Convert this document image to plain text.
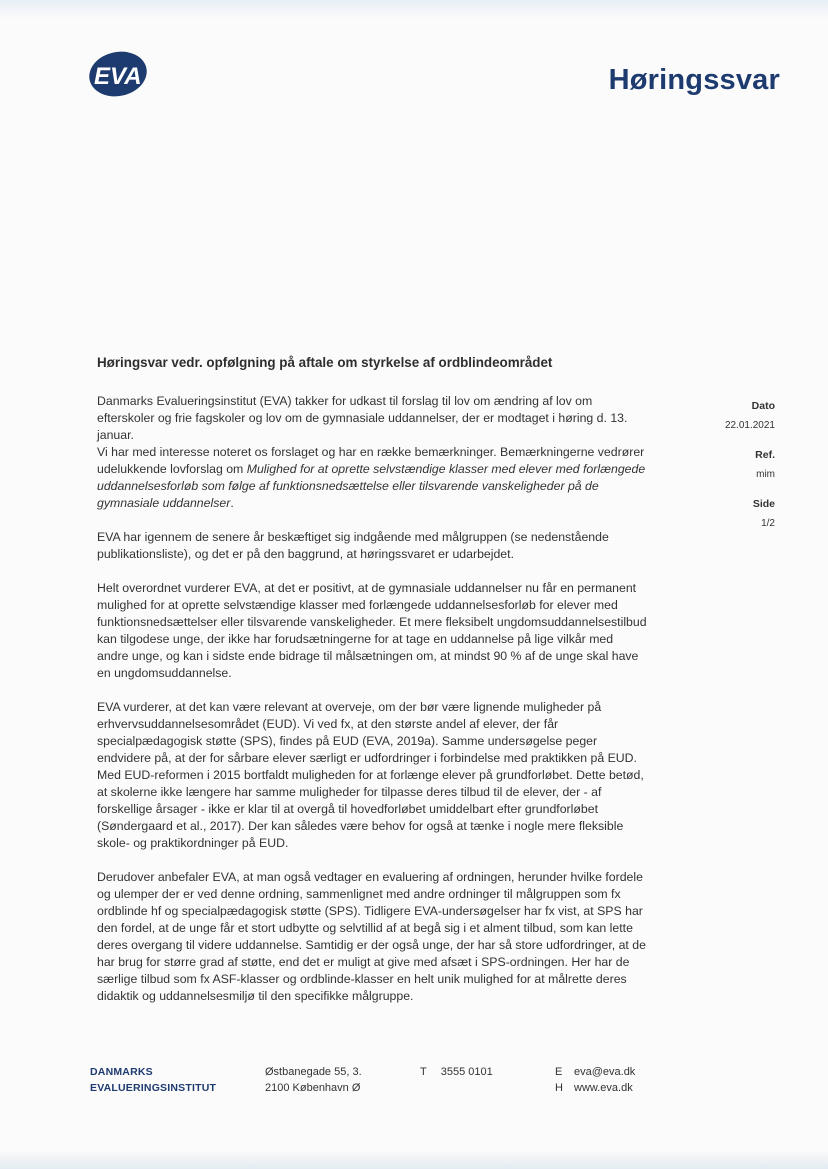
EVA	Høringssvar
Høringsvar vedr. opfølgning på aftale om styrkelse af ordblindeområdet

Danmarks Evalueringsinstitut (EVA) takker for udkast til forslag til lov om ændring af lov om efterskoler og frie fagskoler og lov om de gymnasiale uddannelser, der er modtaget i høring d. 13. januar.
Vi har med interesse noteret os forslaget og har en række bemærkninger. Bemærkningerne vedrører udelukkende lovforslag om Mulighed for at oprette selvstændige klasser med elever med forlængede uddannelsesforløb som følge af funktionsnedsættelse eller tilsvarende vanskeligheder på de gymnasiale uddannelser.

EVA har igennem de senere år beskæftiget sig indgående med målgruppen (se nedenstående publikationsliste), og det er på den baggrund, at høringssvaret er udarbejdet.

Helt overordnet vurderer EVA, at det er positivt, at de gymnasiale uddannelser nu får en permanent mulighed for at oprette selvstændige klasser med forlængede uddannelsesforløb for elever med funktionsnedsættelser eller tilsvarende vanskeligheder. Et mere fleksibelt ungdomsuddannelsestilbud kan tilgodese unge, der ikke har forudsætningerne for at tage en uddannelse på lige vilkår med andre unge, og kan i sidste ende bidrage til målsætningen om, at mindst 90 % af de unge skal have en ungdomsuddannelse.

EVA vurderer, at det kan være relevant at overveje, om der bør være lignende muligheder på erhvervsuddannelsesområdet (EUD). Vi ved fx, at den største andel af elever, der får specialpædagogisk støtte (SPS), findes på EUD (EVA, 2019a). Samme undersøgelse peger endvidere på, at der for sårbare elever særligt er udfordringer i forbindelse med praktikken på EUD. Med EUD-reformen i 2015 bortfaldt muligheden for at forlænge elever på grundforløbet. Dette betød, at skolerne ikke længere har samme muligheder for tilpasse deres tilbud til de elever, der - af forskellige årsager - ikke er klar til at overgå til hovedforløbet umiddelbart efter grundforløbet (Søndergaard et al., 2017). Der kan således være behov for også at tænke i nogle mere fleksible skole- og praktikordninger på EUD.

Derudover anbefaler EVA, at man også vedtager en evaluering af ordningen, herunder hvilke fordele og ulemper der er ved denne ordning, sammenlignet med andre ordninger til målgruppen som fx ordblinde hf og specialpædagogisk støtte (SPS). Tidligere EVA-undersøgelser har fx vist, at SPS har den fordel, at de unge får et stort udbytte og selvtillid af at begå sig i et alment tilbud, som kan lette deres overgang til videre uddannelse. Samtidig er der også unge, der har så store udfordringer, at de har brug for større grad af støtte, end det er muligt at give med afsæt i SPS-ordningen. Her har de særlige tilbud som fx ASF-klasser og ordblinde-klasser en helt unik mulighed for at målrette deres didaktik og uddannelsesmiljø til den specifikke målgruppe.

Dato
22.01.2021
Ref.
mim
Side
1/2
DANMARKS
EVALUERINGSINSTITUT
Østbanegade 55, 3.
2100 København Ø
T 3555 0101	E eva@eva.dk
H www.eva.dk
